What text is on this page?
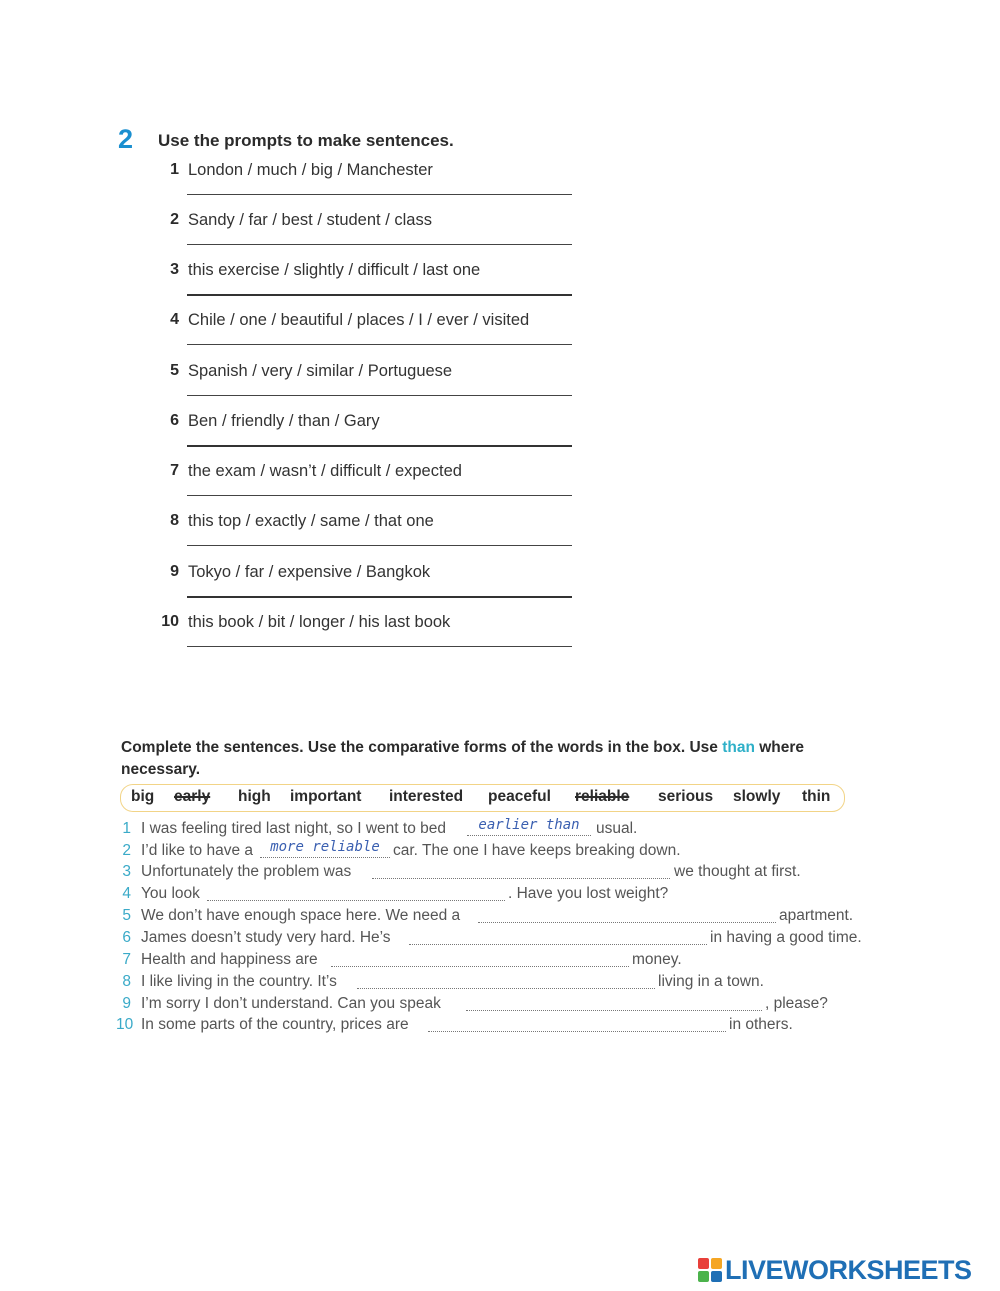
2 Use the prompts to make sentences.
1 London / much / big / Manchester
2 Sandy / far / best / student / class
3 this exercise / slightly / difficult / last one
4 Chile / one / beautiful / places / I / ever / visited
5 Spanish / very / similar / Portuguese
6 Ben / friendly / than / Gary
7 the exam / wasn’t / difficult / expected
8 this top / exactly / same / that one
9 Tokyo / far / expensive / Bangkok
10 this book / bit / longer / his last book
Complete the sentences. Use the comparative forms of the words in the box. Use than where necessary.
big early high important interested peaceful reliable serious slowly thin
1 I was feeling tired last night, so I went to bed	earlier than	usual.
2 I’d like to have a	more reliable car. The one I have keeps breaking down.
3 Unfortunately the problem was	we thought at first.
4 You look	. Have you lost weight?
5 We don’t have enough space here. We need a	apartment.
6 James doesn’t study very hard. He’s	in having a good time.
7 Health and happiness are	money.
8 I like living in the country. It’s	living in a town.
9 I’m sorry I don’t understand. Can you speak	, please?
10 In some parts of the country, prices are	in others.
LIVEWORKSHEETS
